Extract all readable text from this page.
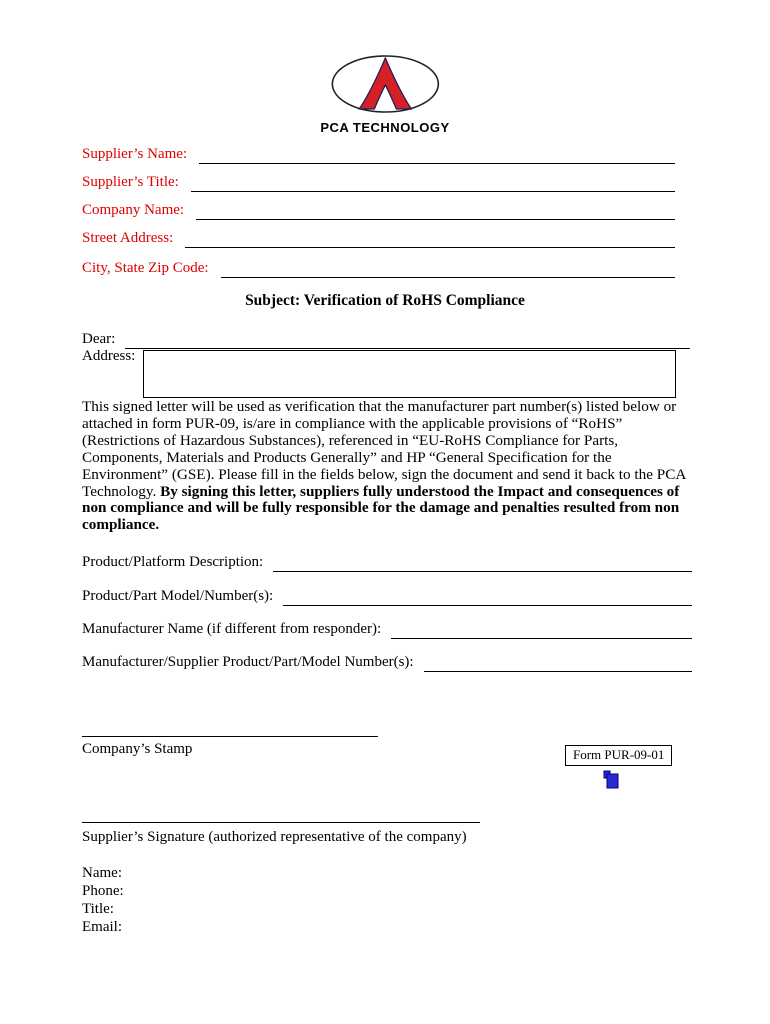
PCA TECHNOLOGY
Supplier’s Name:
Supplier’s Title:
Company Name:
Street Address:
City, State Zip Code:
Subject: Verification of RoHS Compliance
Dear:
Address:

This signed letter will be used as verification that the manufacturer part number(s) listed below or attached in form PUR-09, is/are in compliance with the applicable provisions of “RoHS” (Restrictions of Hazardous Substances), referenced in “EU-RoHS Compliance for Parts, Components, Materials and Products Generally” and HP “General Specification for the Environment” (GSE). Please fill in the fields below, sign the document and send it back to the PCA Technology. By signing this letter, suppliers fully understood the Impact and consequences of non compliance and will be fully responsible for the damage and penalties resulted from non compliance.

Product/Platform Description:
Product/Part Model/Number(s):
Manufacturer Name (if different from responder):
Manufacturer/Supplier Product/Part/Model Number(s):
Company’s Stamp	Form PUR-09-01
Supplier’s Signature (authorized representative of the company)
Name:
Phone:
Title:
Email:
